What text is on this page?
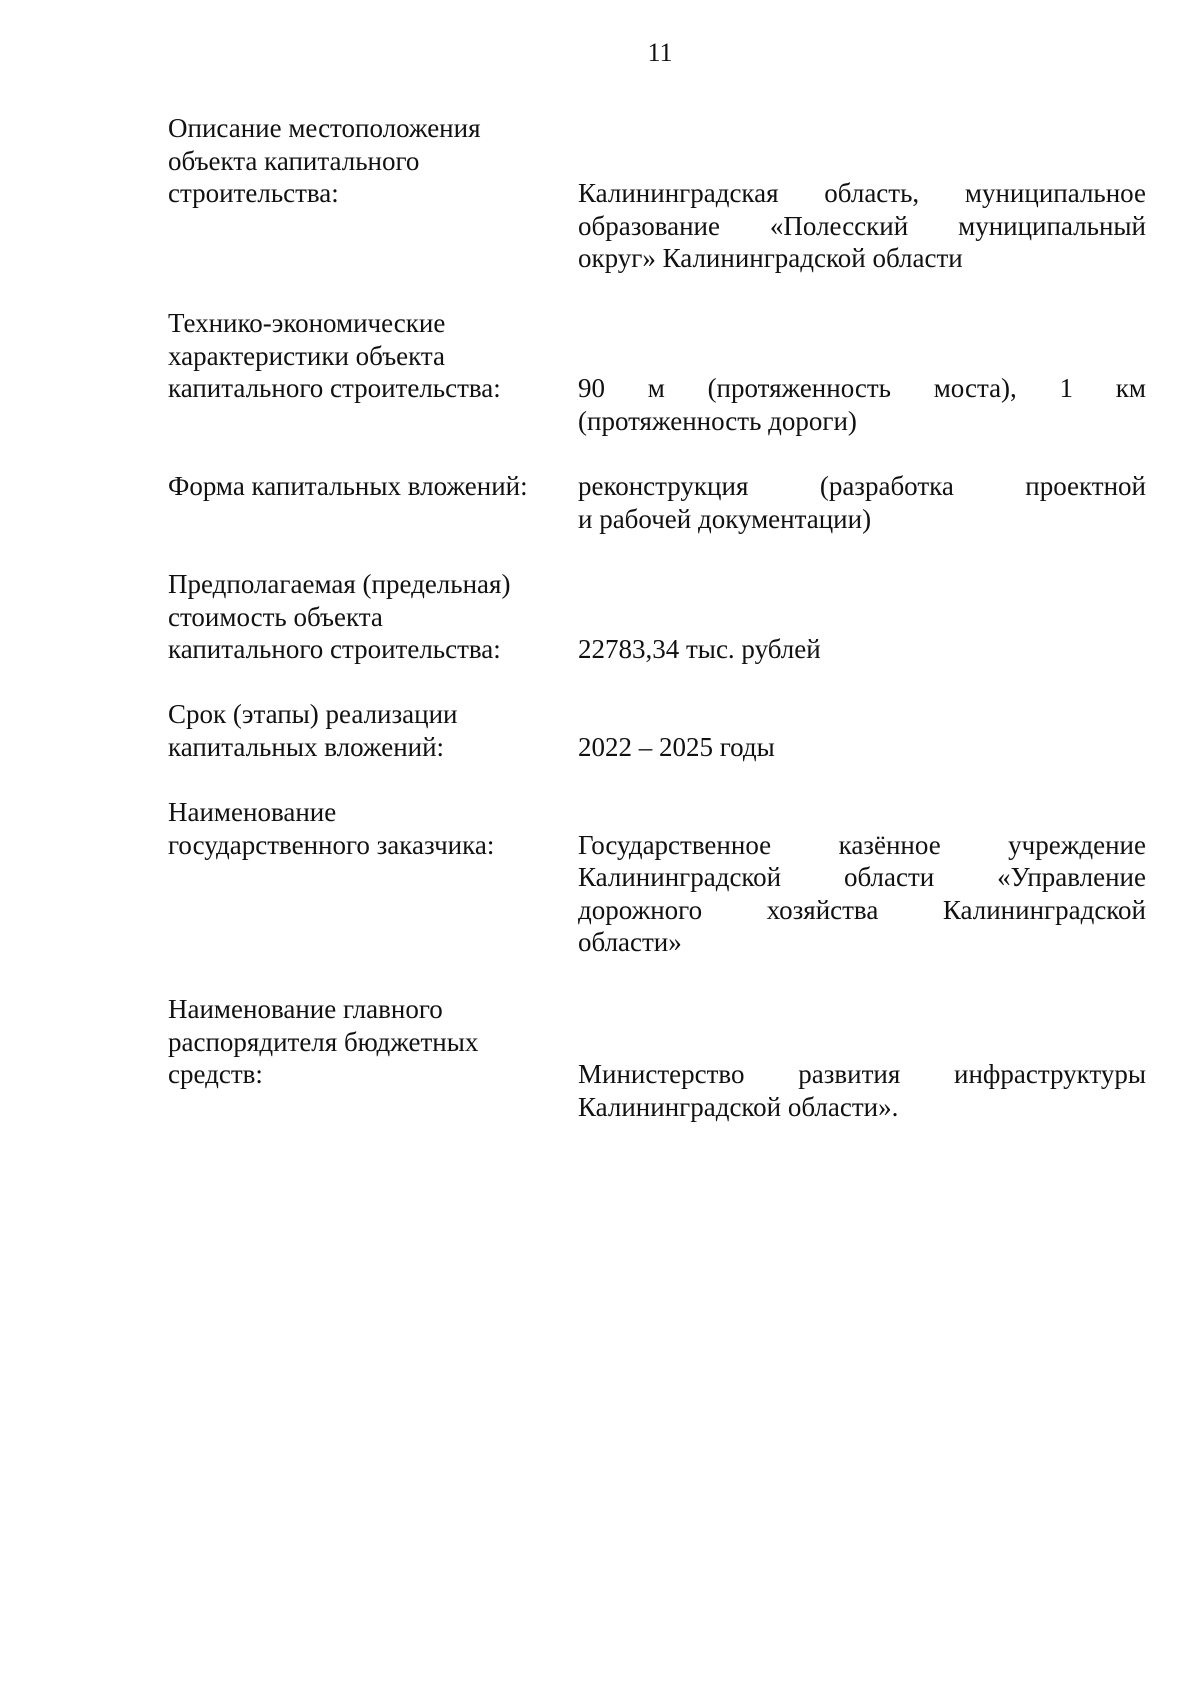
11
Описание местоположения
объекта капитального
строительства:	Калининградская область, муниципальное
образование «Полесский муниципальный
округ» Калининградской области
Технико-экономические
характеристики объекта
капитального строительства:	90 м (протяженность моста), 1 км
(протяженность дороги)
Форма капитальных вложений:	реконструкция (разработка проектной
и рабочей документации)
Предполагаемая (предельная)
стоимость объекта
капитального строительства:	22783,34 тыс. рублей
Срок (этапы) реализации
капитальных вложений:	2022 – 2025 годы
Наименование
государственного заказчика:	Государственное казённое учреждение
Калининградской области «Управление
дорожного хозяйства Калининградской
области»
Наименование главного
распорядителя бюджетных
средств:	Министерство развития инфраструктуры
Калининградской области».
